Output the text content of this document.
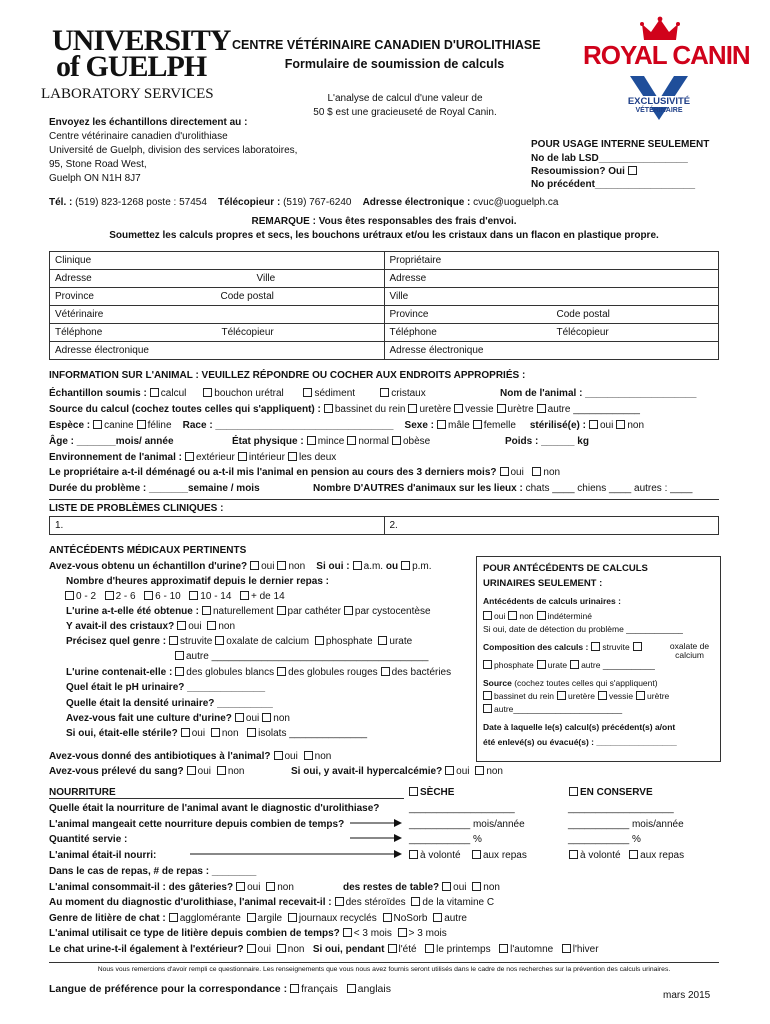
UNIVERSITY
of GUELPH
LABORATORY SERVICES
CENTRE VÉTÉRINAIRE CANADIEN D'UROLITHIASE
Formulaire de soumission de calculs	ROYAL CANIN
EXCLUSIVITÉ
VÉTÉRINAIRE
L'analyse de calcul d'une valeur de
50 $ est une gracieuseté de Royal Canin.
Envoyez les échantillons directement au :
Centre vétérinaire canadien d'urolithiase
Université de Guelph, division des services laboratoires,
95, Stone Road West,
Guelph ON N1H 8J7
POUR USAGE INTERNE SEULEMENT
No de lab LSD________________
Resoumission? Oui
No précédent__________________
Tél. : (519) 823-1268 poste : 57454 Télécopieur : (519) 767-6240 Adresse électronique : cvuc@uoguelph.ca
REMARQUE : Vous êtes responsables des frais d'envoi.
Soumettez les calculs propres et secs, les bouchons urétraux et/ou les cristaux dans un flacon en plastique propre.
Clinique	Propriétaire
Adresse Ville	Adresse
Province Code postal	Ville
Vétérinaire	Province Code postal

Téléphone Télécopieur	Téléphone Télécopieur

Adresse électronique	Adresse électronique
INFORMATION SUR L'ANIMAL : VEUILLEZ RÉPONDRE OU COCHER AUX ENDROITS APPROPRIÉS :
Échantillon soumis : calcul	bouchon urétral	sédiment	cristaux	Nom de l'animal : ____________________
Source du calcul (cochez toutes celles qui s'appliquent) : bassinet du rein uretère vessie urètre autre ____________
Espèce : canine féline Race : ________________________________ Sexe : mâle femelle stérilisé(e) : oui non
Âge : _______mois/ année	État physique : mince normal obèse	Poids : ______ kg
Environnement de l'animal : extérieur intérieur les deux
Le propriétaire a-t-il déménagé ou a-t-il mis l'animal en pension au cours des 3 derniers mois? oui non
Durée du problème : _______semaine / mois	Nombre D'AUTRES d'animaux sur les lieux : chats ____ chiens ____ autres : ____
LISTE DE PROBLÈMES CLINIQUES :
1.	2.
ANTÉCÉDENTS MÉDICAUX PERTINENTS
Avez-vous obtenu un échantillon d'urine? oui non Si oui : a.m. ou p.m.
Nombre d'heures approximatif depuis le dernier repas :
0 - 2 2 - 6 6 - 10 10 - 14 + de 14
L'urine a-t-elle été obtenue : naturellement par cathéter par cystocentèse
Y avait-il des cristaux? oui non
Précisez quel genre : struvite oxalate de calcium phosphate urate
autre _______________________________________
L'urine contenait-elle : des globules blancs des globules rouges des bactéries
Quel était le pH urinaire? ______________
Quelle était la densité urinaire? __________
Avez-vous fait une culture d'urine? oui non
Si oui, était-elle stérile? oui non isolats ______________
POUR ANTÉCÉDENTS DE CALCULS
URINAIRES SEULEMENT :
Antécédents de calculs urinaires :
oui non indéterminé
Si oui, date de détection du problème ____________
Composition des calculs : struvite	oxalate de calcium
phosphate urate autre ___________
Source (cochez toutes celles qui s'appliquent)
bassinet du rein uretère vessie urètre
autre_______________________
Date à laquelle le(s) calcul(s) précédent(s) a/ont
été enlevé(s) ou évacué(s) : _________________
Avez-vous donné des antibiotiques à l'animal? oui non
Avez-vous prélevé du sang? oui non	Si oui, y avait-il hypercalcémie? oui non
NOURRITURE	SÈCHE	EN CONSERVE
Quelle était la nourriture de l'animal avant le diagnostic d'urolithiase?	___________________	___________________
L'animal mangeait cette nourriture depuis combien de temps?	___________ mois/année	___________ mois/année
Quantité servie :	___________ %	___________ %
L'animal était-il nourri:	à volonté aux repas	à volonté aux repas
Dans le cas de repas, # de repas : ________
L'animal consommait-il : des gâteries? oui non	des restes de table? oui non
Au moment du diagnostic d'urolithiase, l'animal recevait-il : des stéroïdes de la vitamine C
Genre de litière de chat : agglomérante argile journaux recyclés NoSorb autre
L'animal utilisait ce type de litière depuis combien de temps? < 3 mois > 3 mois
Le chat urine-t-il également à l'extérieur? oui non Si oui, pendant l'été le printemps l'automne l'hiver
Nous vous remercions d'avoir rempli ce questionnaire. Les renseignements que vous nous avez fournis seront utilisés dans le cadre de nos recherches sur la prévention des calculs urinaires.
Langue de préférence pour la correspondance : français anglais
mars 2015
